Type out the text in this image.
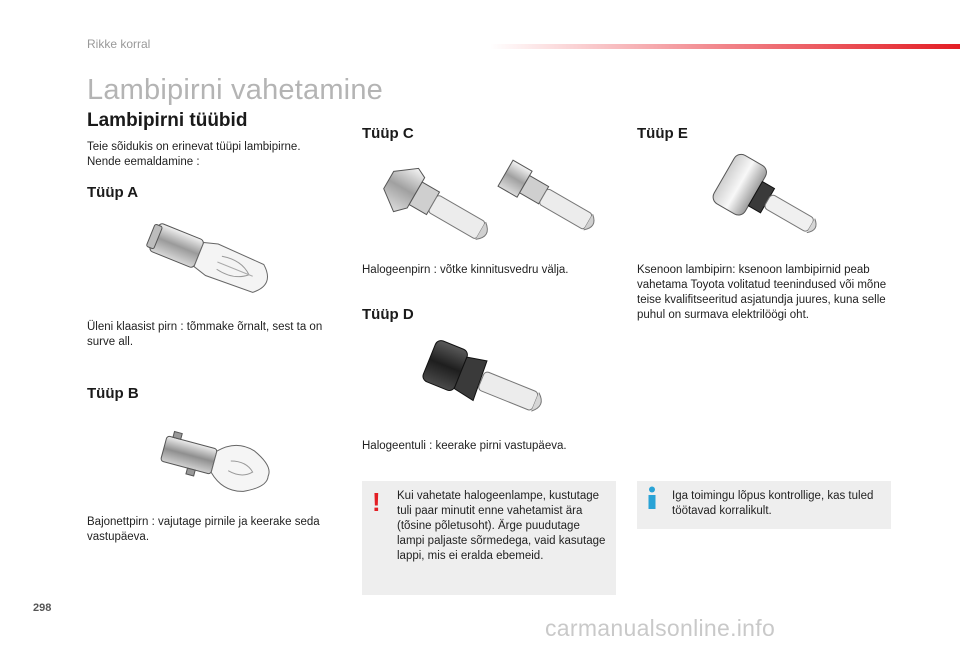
Rikke korral
Lambipirni vahetamine
Lambipirni tüübid
Teie sõidukis on erinevat tüüpi lambipirne. Nende eemaldamine :
Tüüp A
Üleni klaasist pirn : tõmmake õrnalt, sest ta on surve all.
Tüüp B
Bajonettpirn : vajutage pirnile ja keerake seda vastupäeva.
Tüüp C
Halogeenpirn : võtke kinnitusvedru välja.
Tüüp D
Halogeentuli : keerake pirni vastupäeva.
! Kui vahetate halogeenlampe, kustutage tuli paar minutit enne vahetamist ära (tõsine põletusoht). Ärge puudutage lampi paljaste sõrmedega, vaid kasutage lappi, mis ei eralda ebemeid.
Tüüp E
Ksenoon lambipirn: ksenoon lambipirnid peab vahetama Toyota volitatud teenindused või mõne teise kvalifitseeritud asjatundja juures, kuna selle puhul on surmava elektrilöögi oht.
Iga toimingu lõpus kontrollige, kas tuled töötavad korralikult.
298
carmanualsonline.info
